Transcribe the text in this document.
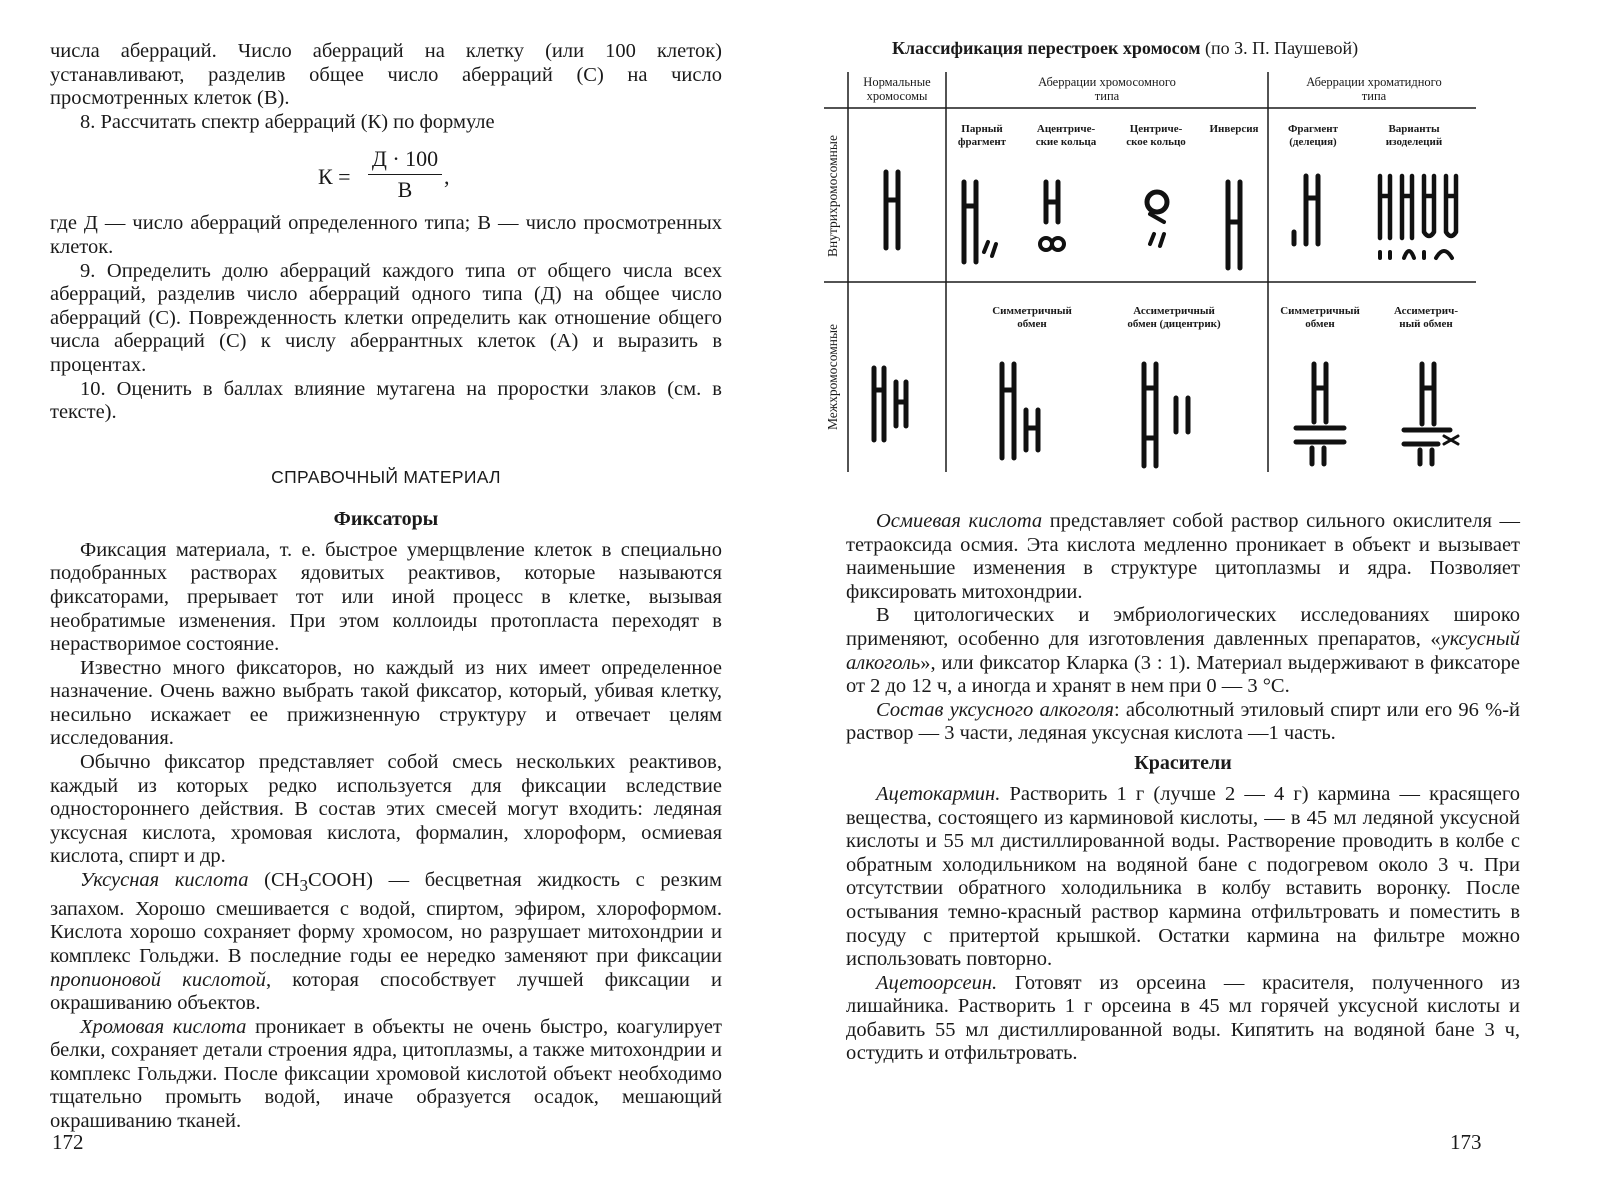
числа аберраций. Число аберраций на клетку (или 100 клеток) устанавливают, разделив общее число аберраций (С) на число просмотренных клеток (В).

8. Рассчитать спектр аберраций (К) по формуле

К =
Д · 100
В
,

где Д — число аберраций определенного типа; В — число просмотренных клеток.

9. Определить долю аберраций каждого типа от общего числа всех аберраций, разделив число аберраций одного типа (Д) на общее число аберраций (С). Поврежденность клетки определить как отношение общего числа аберраций (С) к числу аберрантных клеток (А) и выразить в процентах.

10. Оценить в баллах влияние мутагена на проростки злаков (см. в тексте).

СПРАВОЧНЫЙ МАТЕРИАЛ
Фиксаторы

Фиксация материала, т. е. быстрое умерщвление клеток в специально подобранных растворах ядовитых реактивов, которые называются фиксаторами, прерывает тот или иной процесс в клетке, вызывая необратимые изменения. При этом коллоиды протопласта переходят в нерастворимое состояние.

Известно много фиксаторов, но каждый из них имеет определенное назначение. Очень важно выбрать такой фиксатор, который, убивая клетку, несильно искажает ее прижизненную структуру и отвечает целям исследования.

Обычно фиксатор представляет собой смесь нескольких реактивов, каждый из которых редко используется для фиксации вследствие одностороннего действия. В состав этих смесей могут входить: ледяная уксусная кислота, хромовая кислота, формалин, хлороформ, осмиевая кислота, спирт и др.

Уксусная кислота $(CH_3COOH)$ — бесцветная жидкость с резким запахом. Хорошо смешивается с водой, спиртом, эфиром, хлороформом. Кислота хорошо сохраняет форму хромосом, но разрушает митохондрии и комплекс Гольджи. В последние годы ее нередко заменяют при фиксации пропионовой кислотой, которая способствует лучшей фиксации и окрашиванию объектов.

Хромовая кислота проникает в объекты не очень быстро, коагулирует белки, сохраняет детали строения ядра, цитоплазмы, а также митохондрии и комплекс Гольджи. После фиксации хромовой кислотой объект необходимо тщательно промыть водой, иначе образуется осадок, мешающий окрашиванию тканей.

172
Классификация перестроек хромосом (по З. П. Паушевой)
Нормальные
хромосомы
Аберрации хромосомного
типа
Аберрации хроматидного
типа
Внутрихромосомные
Межхромосомные
Парный
фрагмент
Ацентриче-
ские кольца
Центриче-
ское кольцо
Инверсия	Фрагмент
(делеция)
Варианты
изоделеций
Симметричный
обмен
Ассиметричный
обмен (дицентрик)
Симметричный
обмен
Ассиметрич-
ный обмен

Осмиевая кислота представляет собой раствор сильного окислителя — тетраоксида осмия. Эта кислота медленно проникает в объект и вызывает наименьшие изменения в структуре цитоплазмы и ядра. Позволяет фиксировать митохондрии.

В цитологических и эмбриологических исследованиях широко применяют, особенно для изготовления давленных препаратов, «уксусный алкоголь», или фиксатор Кларка (3 : 1). Материал выдерживают в фиксаторе от 2 до 12 ч, а иногда и хранят в нем при 0 — 3 °С.

Состав уксусного алкоголя: абсолютный этиловый спирт или его 96 %-й раствор — 3 части, ледяная уксусная кислота —1 часть.

Красители

Ацетокармин. Растворить 1 г (лучше 2 — 4 г) кармина — красящего вещества, состоящего из карминовой кислоты, — в 45 мл ледяной уксусной кислоты и 55 мл дистиллированной воды. Растворение проводить в колбе с обратным холодильником на водяной бане с подогревом около 3 ч. При отсутствии обратного холодильника в колбу вставить воронку. После остывания темно-красный раствор кармина отфильтровать и поместить в посуду с притертой крышкой. Остатки кармина на фильтре можно использовать повторно.

Ацетоорсеин. Готовят из орсеина — красителя, полученного из лишайника. Растворить 1 г орсеина в 45 мл горячей уксусной кислоты и добавить 55 мл дистиллированной воды. Кипятить на водяной бане 3 ч, остудить и отфильтровать.

173
